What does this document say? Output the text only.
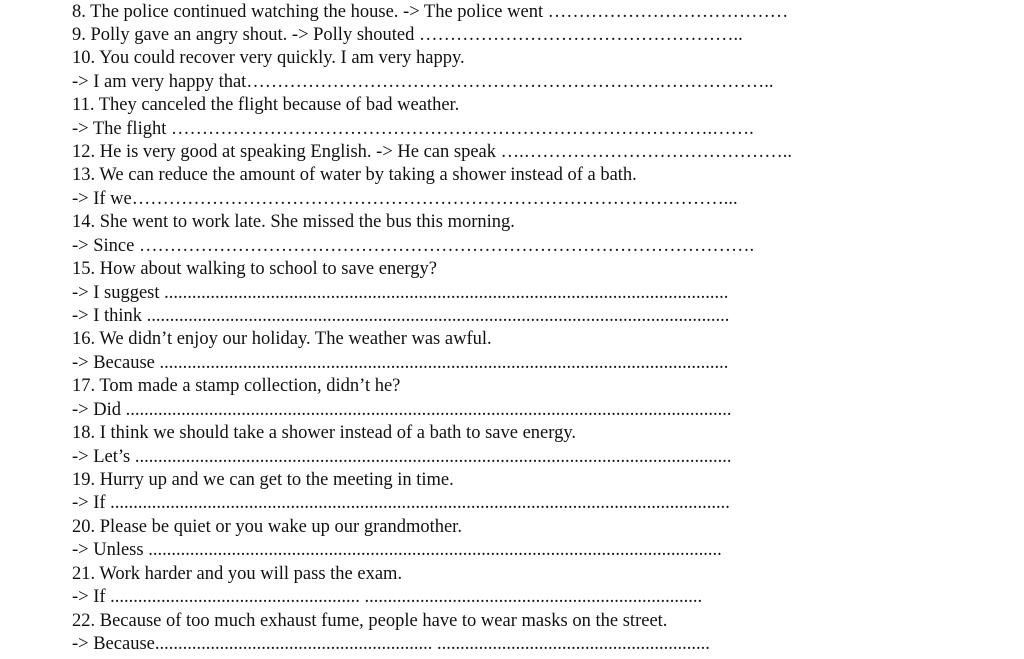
8. The police continued watching the house. -> The police went …………………………………
9. Polly gave an angry shout. -> Polly shouted ……………………………………………..
10. You could recover very quickly. I am very happy.
-> I am very happy that…………………………………………………………………………..
11. They canceled the flight because of bad weather.
-> The flight …………………………………………………………………………….…….
12. He is very good at speaking English. -> He can speak ….……………………………………..
13. We can reduce the amount of water by taking a shower instead of a bath.
-> If we……………………………………………………………………………………...
14. She went to work late. She missed the bus this morning.
-> Since ……………………………………………………………………………………….
15. How about walking to school to save energy?
-> I suggest ..........................................................................................................................
-> I think ..............................................................................................................................
16. We didn’t enjoy our holiday. The weather was awful.
-> Because ...........................................................................................................................
17. Tom made a stamp collection, didn’t he?
-> Did ...................................................................................................................................
18. I think we should take a shower instead of a bath to save energy.
-> Let’s .................................................................................................................................
19. Hurry up and we can get to the meeting in time.
-> If ......................................................................................................................................
20. Please be quiet or you wake up our grandmother.
-> Unless ............................................................................................................................
21. Work harder and you will pass the exam.
-> If ...................................................... .........................................................................
22. Because of too much exhaust fume, people have to wear masks on the street.
-> Because............................................................ ...........................................................
